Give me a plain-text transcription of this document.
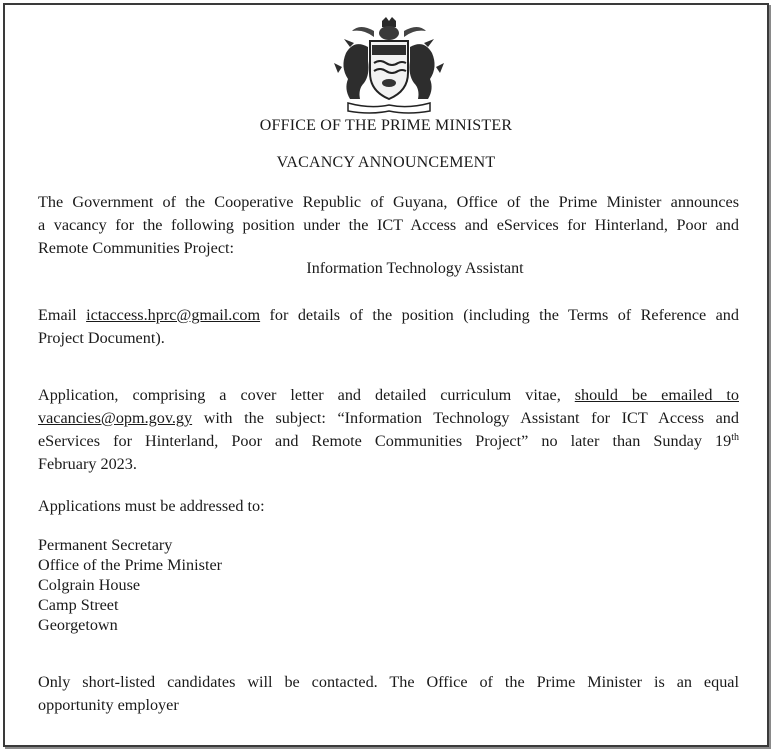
OFFICE OF THE PRIME MINISTER
VACANCY ANNOUNCEMENT
The Government of the Cooperative Republic of Guyana, Office of the Prime Minister announces
a vacancy for the following position under the ICT Access and eServices for Hinterland, Poor and
Remote Communities Project:
Information Technology Assistant
Email ictaccess.hprc@gmail.com for details of the position (including the Terms of Reference and
Project Document).
Application, comprising a cover letter and detailed curriculum vitae, should be emailed to
vacancies@opm.gov.gy with the subject: “Information Technology Assistant for ICT Access and
eServices for Hinterland, Poor and Remote Communities Project” no later than Sunday 19th
February 2023.
Applications must be addressed to:
Permanent Secretary
Office of the Prime Minister
Colgrain House
Camp Street
Georgetown
Only short-listed candidates will be contacted. The Office of the Prime Minister is an equal
opportunity employer
